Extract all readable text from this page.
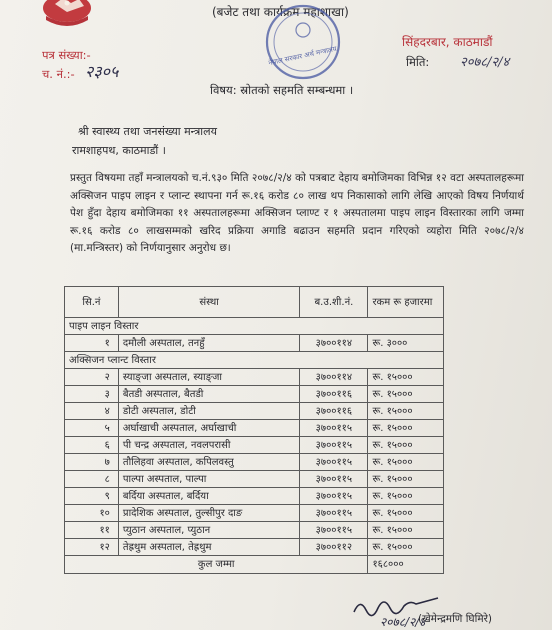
(बजेट तथा कार्यक्रम महाशाखा)
सिंहदरबार, काठमाडौं
मिति: २०७८/२/४
पत्र संख्या:-
च. नं.:- २३०५
नेपाल सरकार अर्थ मन्त्रालय
विषय: स्रोतको सहमति सम्बन्धमा ।
श्री स्वास्थ्य तथा जनसंख्या मन्त्रालय
रामशाहपथ, काठमाडौं ।
प्रस्तुत विषयमा तहाँ मन्त्रालयको च.नं.९३० मिति २०७८/२/४ को पत्रबाट देहाय बमोजिमका विभिन्न १२ वटा अस्पतालहरूमा अक्सिजन पाइप लाइन र प्लान्ट स्थापना गर्न रू.१६ करोड ८० लाख थप निकासाको लागि लेखि आएको विषय निर्णयार्थ पेश हुँदा देहाय बमोजिमका ११ अस्पतालहरूमा अक्सिजन प्लाण्ट र १ अस्पतालमा पाइप लाइन विस्तारका लागि जम्मा रू.१६ करोड ८० लाखसम्मको खरिद प्रक्रिया अगाडि बढाउन सहमति प्रदान गरिएको व्यहोरा मिति २०७८/२/४ (मा.मन्त्रिस्तर) को निर्णयानुसार अनुरोध छ।
सि.नं	संस्था	ब.उ.शी.नं.	रकम रू हजारमा
पाइप लाइन विस्तार			
१	दमौली अस्पताल, तनहुँ	३७००११४	रू. ३०००
अक्सिजन प्लान्ट विस्तार			
२	स्याङ्जा अस्पताल, स्याङ्जा	३७००११४	रू. १५०००
३	बैतडी अस्पताल, बैतडी	३७००११६	रू. १५०००
४	डोटी अस्पताल, डोटी	३७००११६	रू. १५०००
५	अर्घाखाची अस्पताल, अर्घाखाची	३७००११५	रू. १५०००
६	पी चन्द्र अस्पताल, नवलपरासी	३७००११५	रू. १५०००
७	तौलिहवा अस्पताल, कपिलवस्तु	३७००११५	रू. १५०००
८	पाल्पा अस्पताल, पाल्पा	३७००११५	रू. १५०००
९	बर्दिया अस्पताल, बर्दिया	३७००११५	रू. १५०००
१०	प्रादेशिक अस्पताल, तुल्सीपुर दाङ	३७००११५	रू. १५०००
११	प्युठान अस्पताल, प्युठान	३७००११५	रू. १५०००
१२	तेह्रथुम अस्पताल, तेह्रथुम	३७००११२	रू. १५०००
कुल जम्मा			१६८०००
२०७८/२/४
(खेमेन्द्रमणि घिमिरे)
